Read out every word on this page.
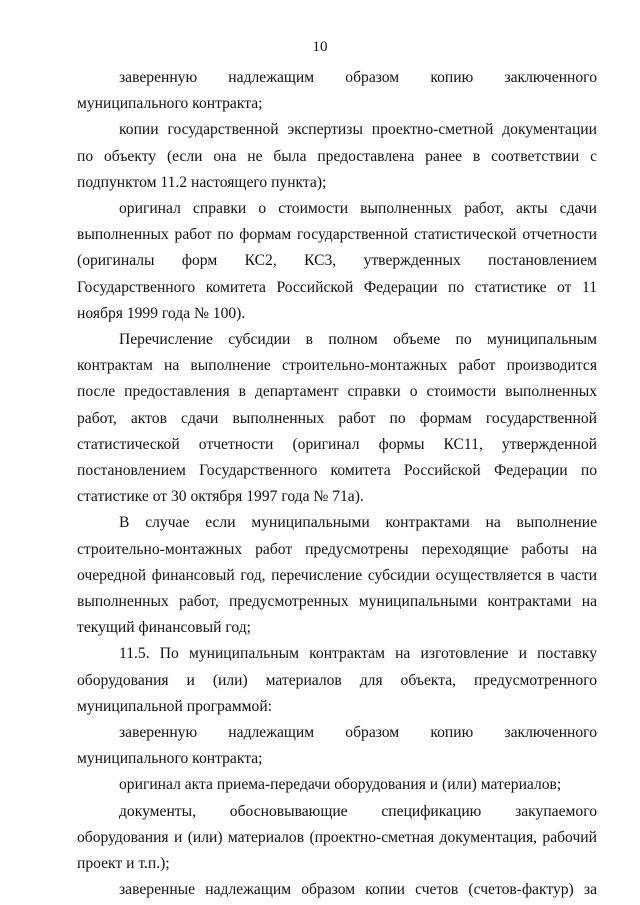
10

заверенную надлежащим образом копию заключенного муниципального контракта;

копии государственной экспертизы проектно-сметной документации по объекту (если она не была предоставлена ранее в соответствии с подпунктом 11.2 настоящего пункта);

оригинал справки о стоимости выполненных работ, акты сдачи выполненных работ по формам государственной статистической отчетности (оригиналы форм КС2, КС3, утвержденных постановлением Государственного комитета Российской Федерации по статистике от 11 ноября 1999 года № 100).

Перечисление субсидии в полном объеме по муниципальным контрактам на выполнение строительно-монтажных работ производится после предоставления в департамент справки о стоимости выполненных работ, актов сдачи выполненных работ по формам государственной статистической отчетности (оригинал формы КС11, утвержденной постановлением Государственного комитета Российской Федерации по статистике от 30 октября 1997 года № 71а).

В случае если муниципальными контрактами на выполнение строительно-монтажных работ предусмотрены переходящие работы на очередной финансовый год, перечисление субсидии осуществляется в части выполненных работ, предусмотренных муниципальными контрактами на текущий финансовый год;

11.5. По муниципальным контрактам на изготовление и поставку оборудования и (или) материалов для объекта, предусмотренного муниципальной программой:

заверенную надлежащим образом копию заключенного муниципального контракта;

оригинал акта приема-передачи оборудования и (или) материалов;

документы, обосновывающие спецификацию закупаемого оборудования и (или) материалов (проектно-сметная документация, рабочий проект и т.п.);

заверенные надлежащим образом копии счетов (счетов-фактур) за
